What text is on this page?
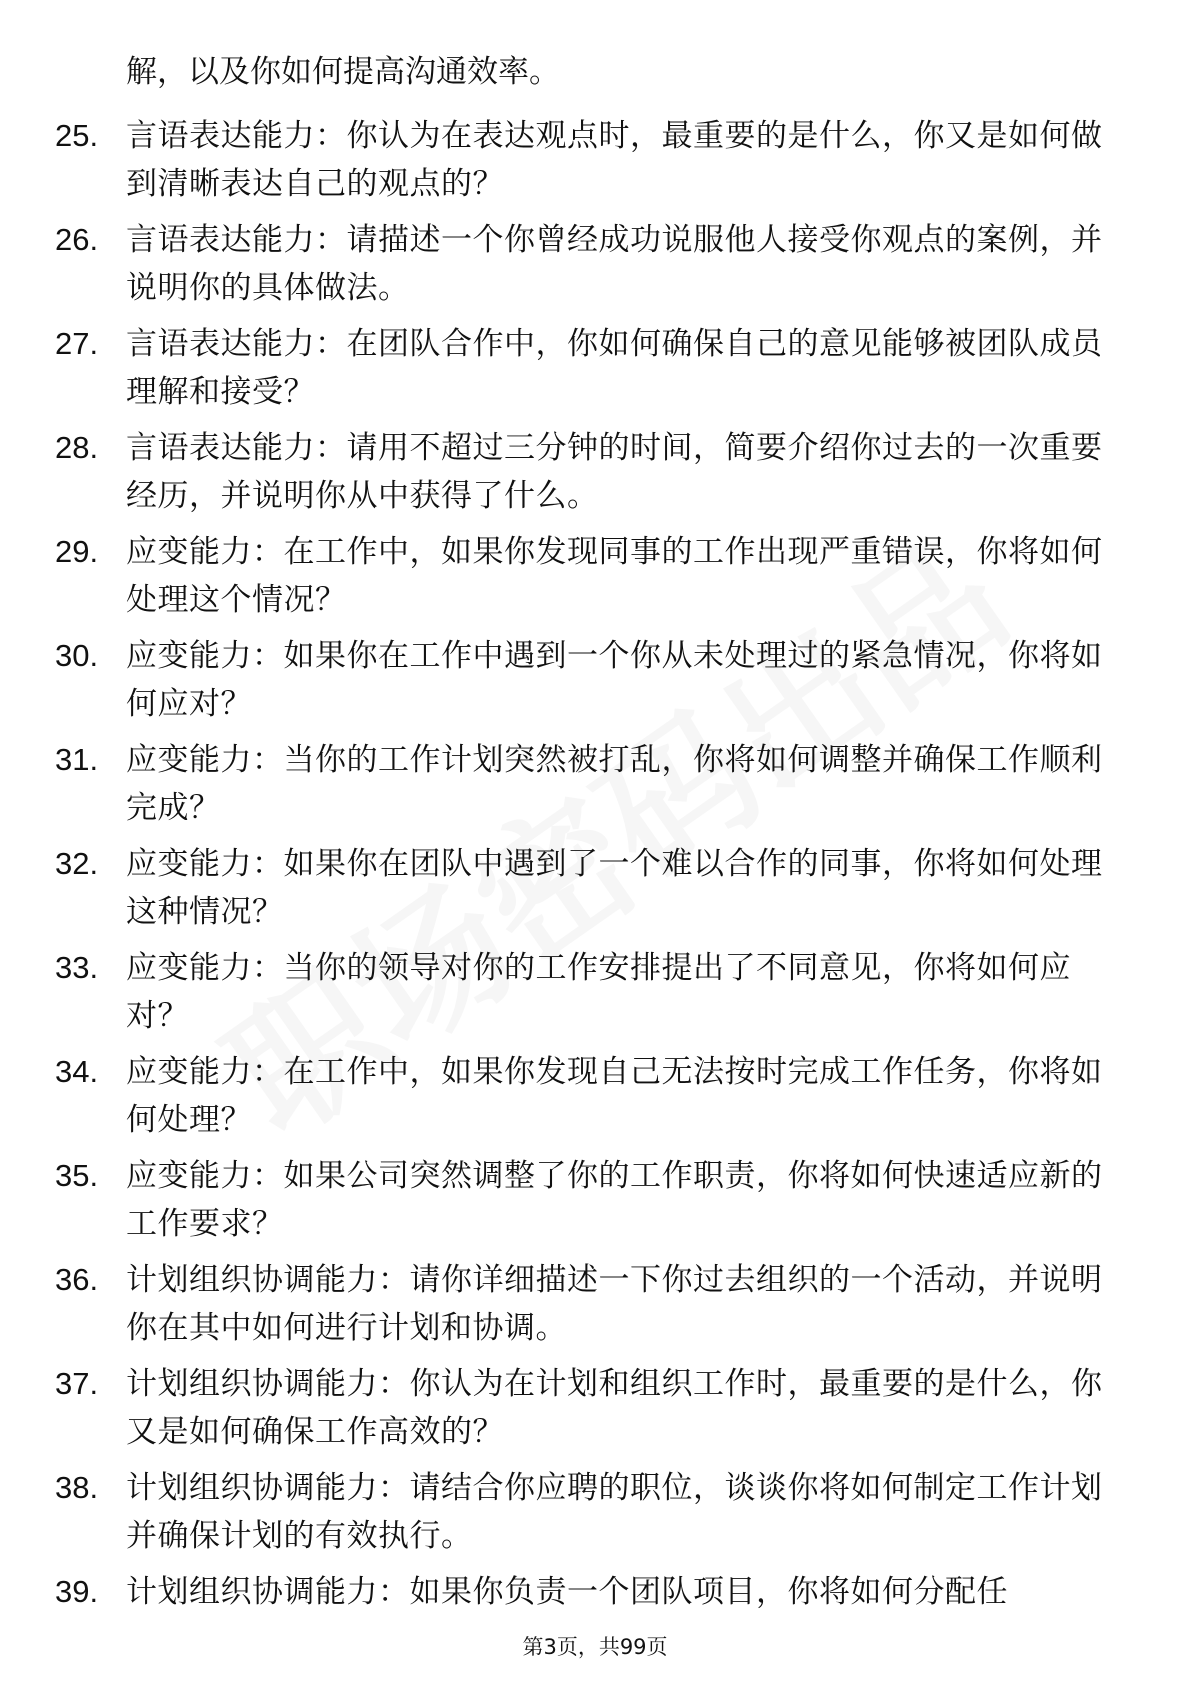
解，以及你如何提高沟通效率。
25. 言语表达能力：你认为在表达观点时，最重要的是什么，你又是如何做到清晰表达自己的观点的？
26. 言语表达能力：请描述一个你曾经成功说服他人接受你观点的案例，并说明你的具体做法。
27. 言语表达能力：在团队合作中，你如何确保自己的意见能够被团队成员理解和接受？
28. 言语表达能力：请用不超过三分钟的时间，简要介绍你过去的一次重要经历，并说明你从中获得了什么。
29. 应变能力：在工作中，如果你发现同事的工作出现严重错误，你将如何处理这个情况？
30. 应变能力：如果你在工作中遇到一个你从未处理过的紧急情况，你将如何应对？
31. 应变能力：当你的工作计划突然被打乱，你将如何调整并确保工作顺利完成？
32. 应变能力：如果你在团队中遇到了一个难以合作的同事，你将如何处理这种情况？
33. 应变能力：当你的领导对你的工作安排提出了不同意见，你将如何应对？
34. 应变能力：在工作中，如果你发现自己无法按时完成工作任务，你将如何处理？
35. 应变能力：如果公司突然调整了你的工作职责，你将如何快速适应新的工作要求？
36. 计划组织协调能力：请你详细描述一下你过去组织的一个活动，并说明你在其中如何进行计划和协调。
37. 计划组织协调能力：你认为在计划和组织工作时，最重要的是什么，你又是如何确保工作高效的？
38. 计划组织协调能力：请结合你应聘的职位，谈谈你将如何制定工作计划并确保计划的有效执行。
39. 计划组织协调能力：如果你负责一个团队项目，你将如何分配任
第3页，共99页
